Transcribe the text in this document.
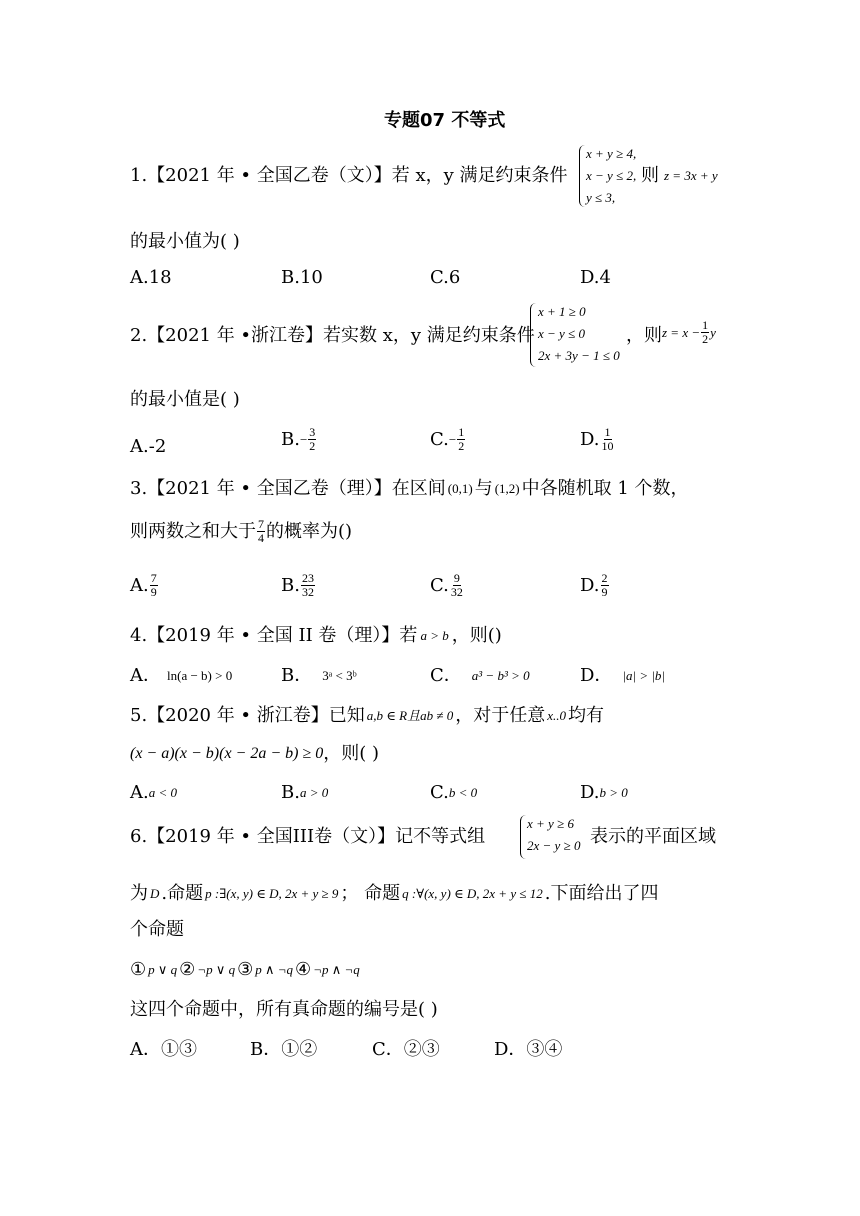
专题07 不等式
1.【2021 年 • 全国乙卷（文）】若 x，y 满足约束条件
x + y ≥ 4,
x − y ≤ 2,
y ≤ 3,
则 z = 3x + y
的最小值为( )
A.18	B.10	C.6	D.4
2.【2021 年 •浙江卷】若实数 x，y 满足约束条件
x + 1 ≥ 0
x − y ≤ 0
2x + 3y − 1 ≤ 0
，则 $z = x - \frac{1}{2}$ y
的最小值是( )
A.-2	B. − $\frac{3}{2}$	C. − $\frac{1}{2}$	D. $\frac{1}{10}$
3.【2021 年 • 全国乙卷（理）】在区间 (0,1) 与 (1,2) 中各随机取 1 个数，
则两数之和大于 $\frac{7}{4}$ 的概率为()
A. $\frac{7}{9}$	B. $\frac{23}{32}$	C. $\frac{9}{32}$	D. $\frac{2}{9}$
4.【2019 年 • 全国 II 卷（理）】若 a > b ，则()
A． ln(a − b) > 0	B． 3ᵃ < 3ᵇ	C． a³ − b³ > 0	D． |a| > |b|
5.【2020 年 • 浙江卷】已知 a,b ∈ R且ab ≠ 0 ，对于任意 x..0 均有
(x − a)(x − b)(x − 2a − b) ≥ 0 ，则( )
A. a < 0	B. a > 0	C. b < 0	D. b > 0
6.【2019 年 • 全国III卷（文）】记不等式组
x + y ≥ 6
2x − y ≥ 0 表示的平面区域
为 D .命题 p :∃(x, y) ∈ D, 2x + y ≥ 9 ； 命题 q :∀(x, y) ∈ D, 2x + y ≤ 12 .下面给出了四
个命题
① p ∨ q ② ¬p ∨ q ③ p ∧ ¬q ④ ¬p ∧ ¬q
这四个命题中，所有真命题的编号是( )
A．①③	B．①②	C．②③	D．③④
